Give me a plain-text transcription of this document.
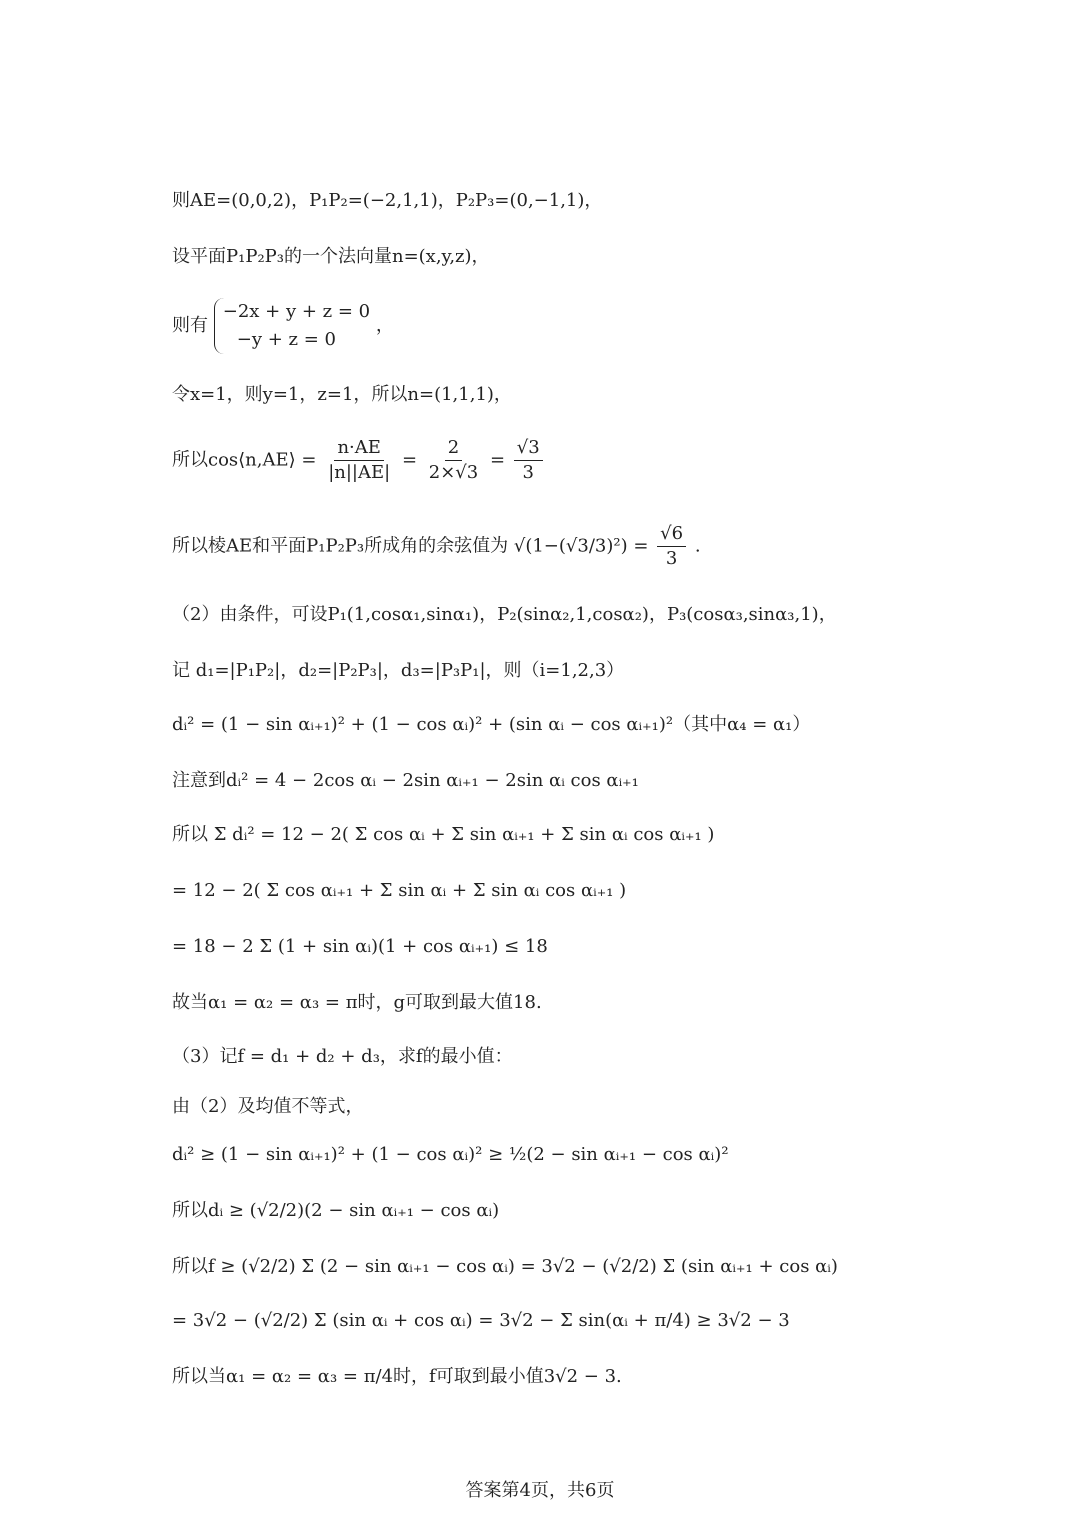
则AE=(0,0,2)，P₁P₂=(−2,1,1)，P₂P₃=(0,−1,1)，
设平面P₁P₂P₃的一个法向量n=(x,y,z)，
则有
−2x + y + z = 0
−y + z = 0
，
令x=1，则y=1，z=1，所以n=(1,1,1)，
所以cos⟨n,AE⟩ = $\frac{n\cdot AE}{|n||AE|} = \frac{2}{2\times√3} = \frac{√3}{3}$
所以棱AE和平面P₁P₂P₃所成角的余弦值为 $√(1-(√3/3)^2) = \frac{√6}{3}$ .
（2）由条件，可设P₁(1,cosα₁,sinα₁)，P₂(sinα₂,1,cosα₂)，P₃(cosα₃,sinα₃,1)，
记 d₁=|P₁P₂|，d₂=|P₂P₃|，d₃=|P₃P₁|，则（i=1,2,3）
dᵢ² = (1 − sin αᵢ₊₁)² + (1 − cos αᵢ)² + (sin αᵢ − cos αᵢ₊₁)²（其中α₄ = α₁）
注意到dᵢ² = 4 − 2cos αᵢ − 2sin αᵢ₊₁ − 2sin αᵢ cos αᵢ₊₁
所以 Σ dᵢ² = 12 − 2( Σ cos αᵢ + Σ sin αᵢ₊₁ + Σ sin αᵢ cos αᵢ₊₁ )
= 12 − 2( Σ cos αᵢ₊₁ + Σ sin αᵢ + Σ sin αᵢ cos αᵢ₊₁ )
= 18 − 2 Σ (1 + sin αᵢ)(1 + cos αᵢ₊₁) ≤ 18
故当α₁ = α₂ = α₃ = π时，g可取到最大值18.
（3）记f = d₁ + d₂ + d₃，求f的最小值：
由（2）及均值不等式，
dᵢ² ≥ (1 − sin αᵢ₊₁)² + (1 − cos αᵢ)² ≥ ½(2 − sin αᵢ₊₁ − cos αᵢ)²
所以dᵢ ≥ (√2/2)(2 − sin αᵢ₊₁ − cos αᵢ)
所以f ≥ (√2/2) Σ (2 − sin αᵢ₊₁ − cos αᵢ) = 3√2 − (√2/2) Σ (sin αᵢ₊₁ + cos αᵢ)
= 3√2 − (√2/2) Σ (sin αᵢ + cos αᵢ) = 3√2 − Σ sin(αᵢ + π/4) ≥ 3√2 − 3
所以当α₁ = α₂ = α₃ = π/4时，f可取到最小值3√2 − 3.
答案第4页，共6页
